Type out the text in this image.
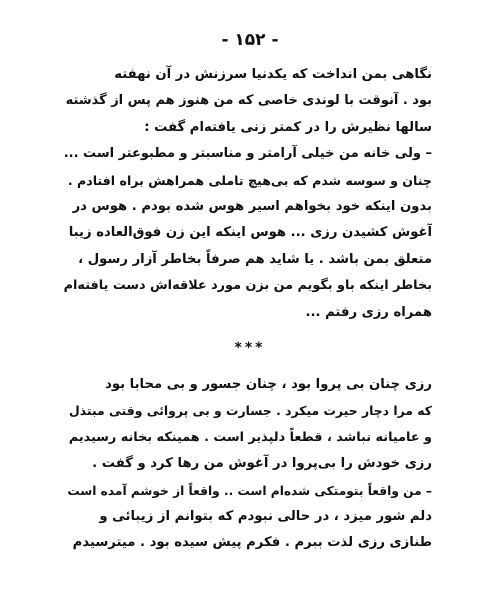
- ۱۵۲ -
نگاهی بمن انداخت که یکدنیا سرزنش در آن نهفته
بود . آنوقت با لوندی خاصی که من هنوز هم پس از گذشته
سالها نظیرش را در کمتر زنی یافته‌ام گفت :
– ولی خانه من خیلی آرامتر و مناسبتر و مطبوعتر است ...
چنان و سوسه شدم که بی‌هیچ تاملی همراهش براه افتادم .
بدون اینکه خود بخواهم اسیر هوس شده بودم . هوس در
آغوش کشیدن رزی ... هوس اینکه این زن فوق‌العاده زیبا
متعلق بمن باشد . یا شاید هم صرفاً بخاطر آزار رسول ،
بخاطر اینکه باو بگویم من بزن مورد علاقه‌اش دست یافته‌ام
همراه رزی رفتم ...
***
رزی چنان بی پروا بود ، چنان جسور و بی محابا بود
که مرا دچار حیرت میکرد . جسارت و بی پروائی وقتی مبتذل
و عامیانه نباشد ، قطعاً دلپذیر است . همینکه بخانه رسیدیم
رزی خودش را بی‌پروا در آغوش من رها کرد و گفت .
– من واقعاً بتومتکی شده‌ام است .. واقعاً از خوشم آمده است
دلم شور میزد ، در حالی نبودم که بتوانم از زیبائی و
طنازی رزی لذت ببرم . فکرم پیش سیده بود . میترسیدم
